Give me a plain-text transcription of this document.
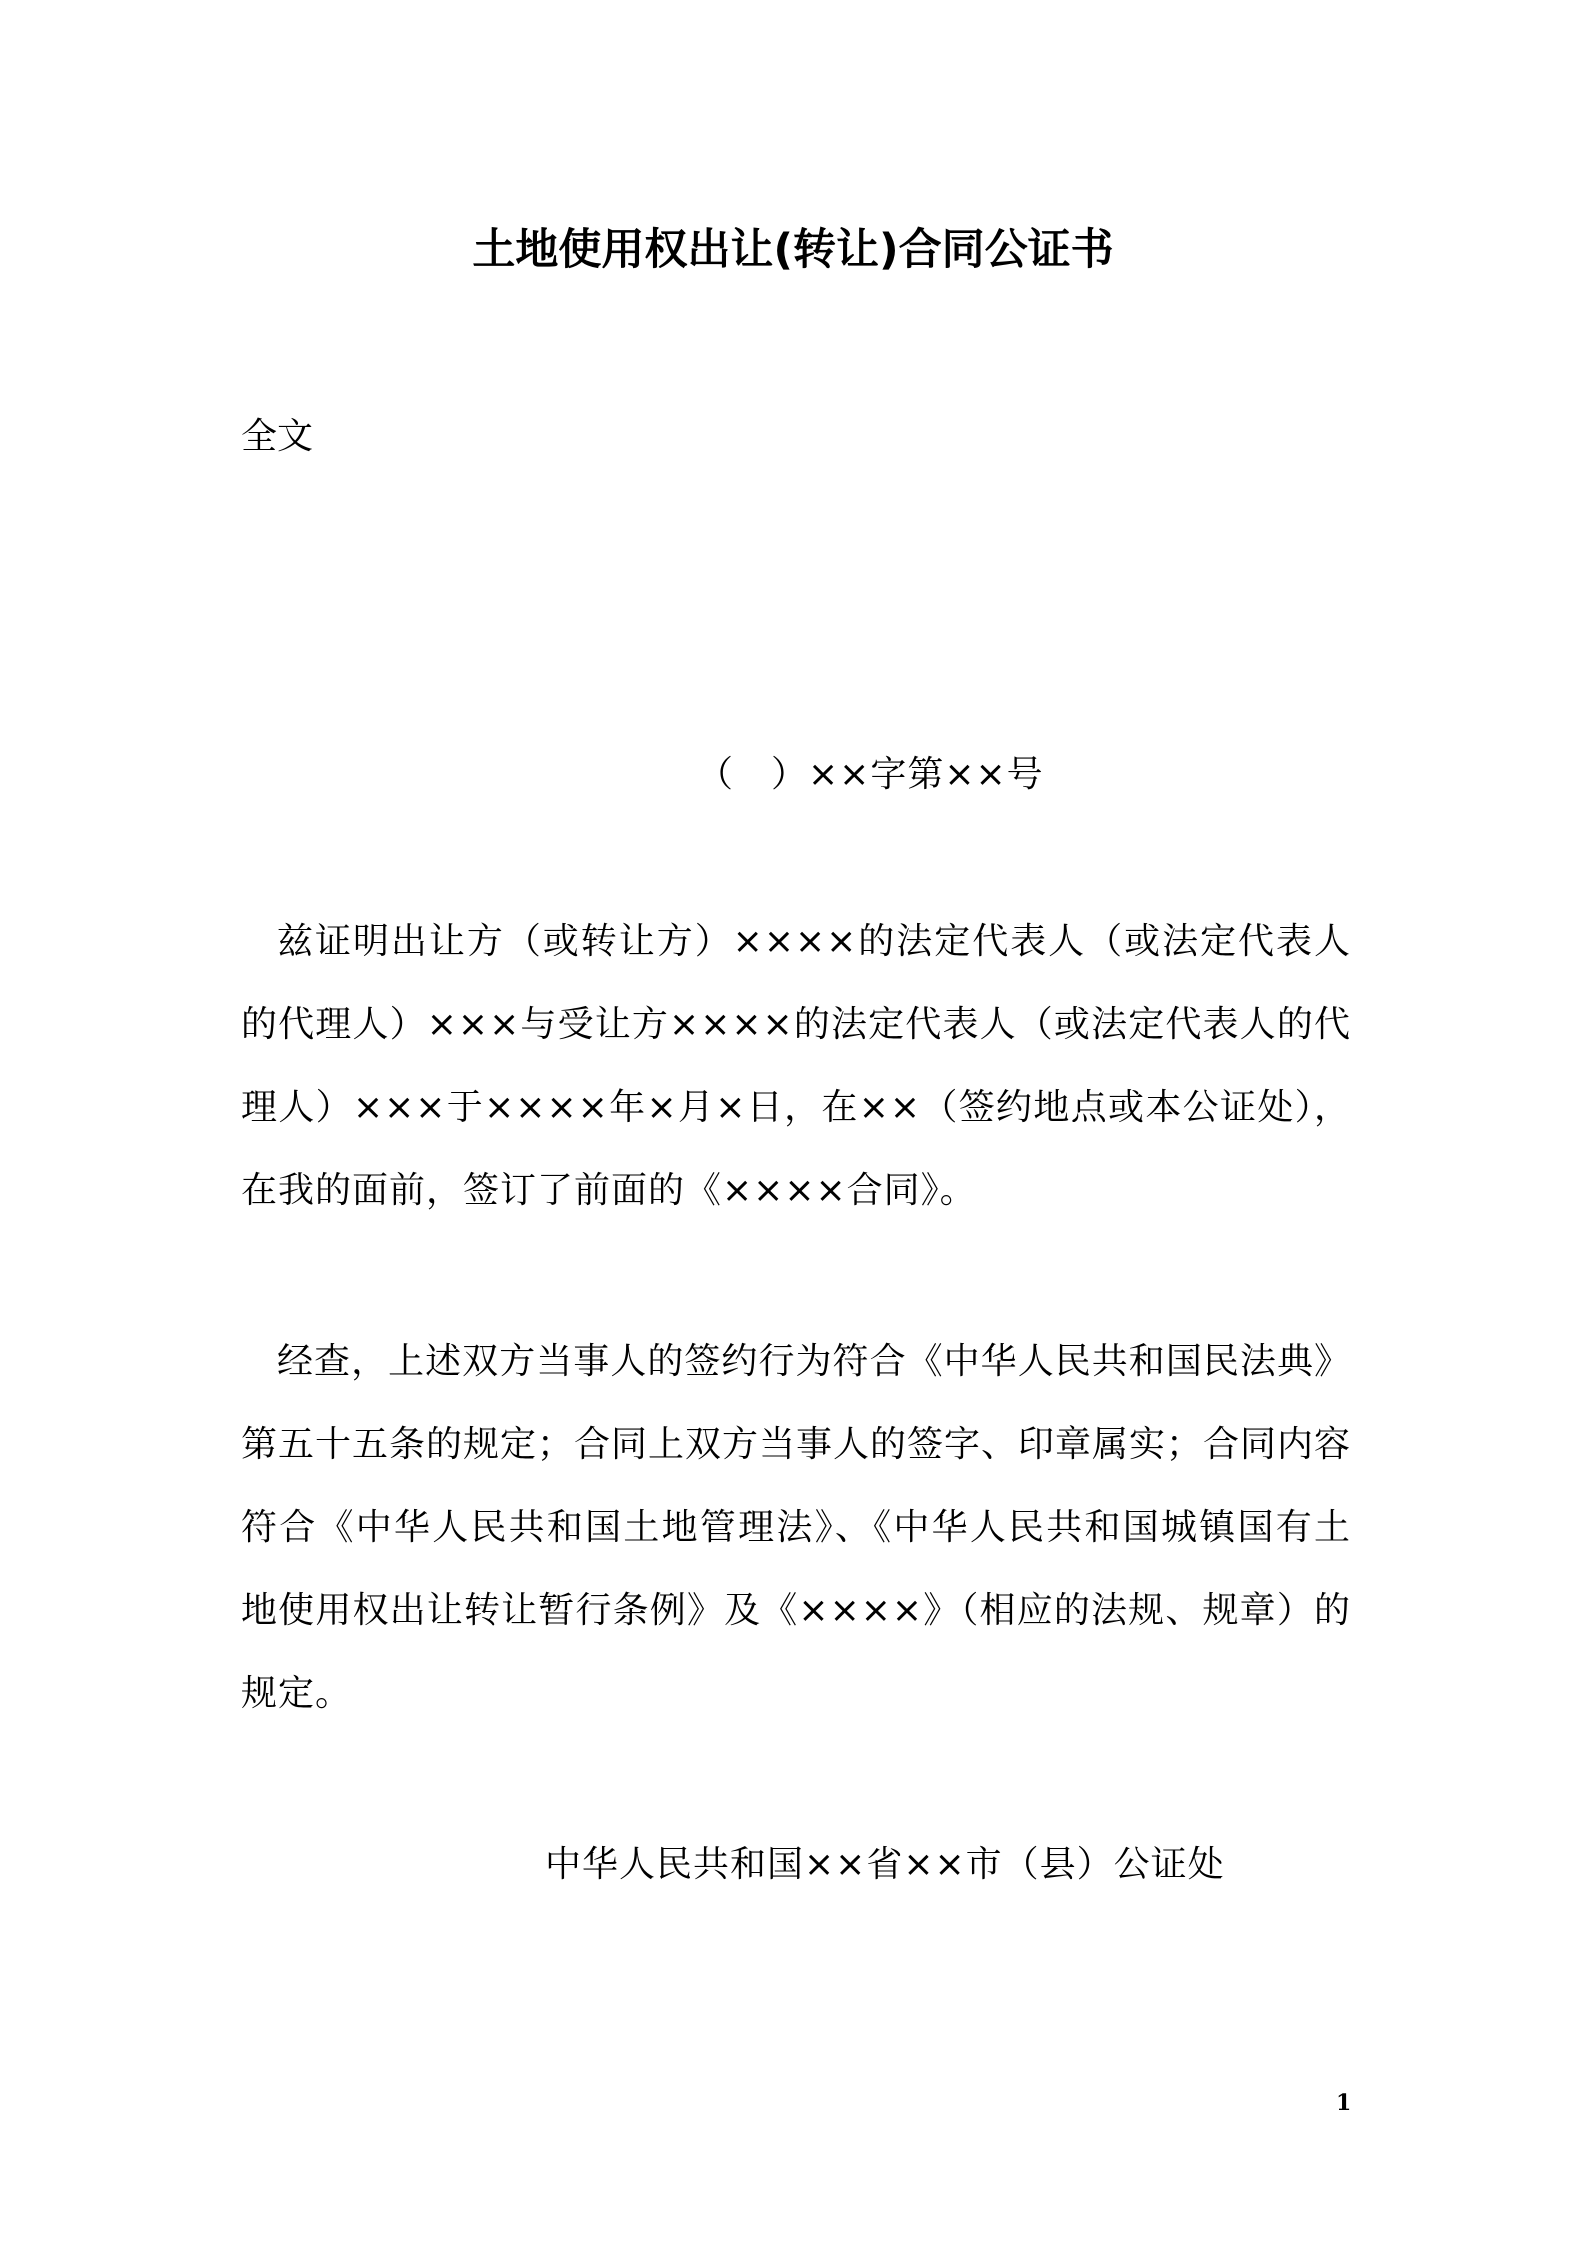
土地使用权出让(转让)合同公证书
全文
（　）××字第××号

兹证明出让方（或转让方）××××的法定代表人（或法定代表人的代理人）×××与受让方××××的法定代表人（或法定代表人的代理人）×××于××××年×月×日，在××（签约地点或本公证处），在我的面前，签订了前面的《××××合同》。

经查，上述双方当事人的签约行为符合《中华人民共和国民法典》第五十五条的规定；合同上双方当事人的签字、印章属实；合同内容符合《中华人民共和国土地管理法》、《中华人民共和国城镇国有土地使用权出让转让暂行条例》及《××××》（相应的法规、规章）的规定。

中华人民共和国××省××市（县）公证处
1
